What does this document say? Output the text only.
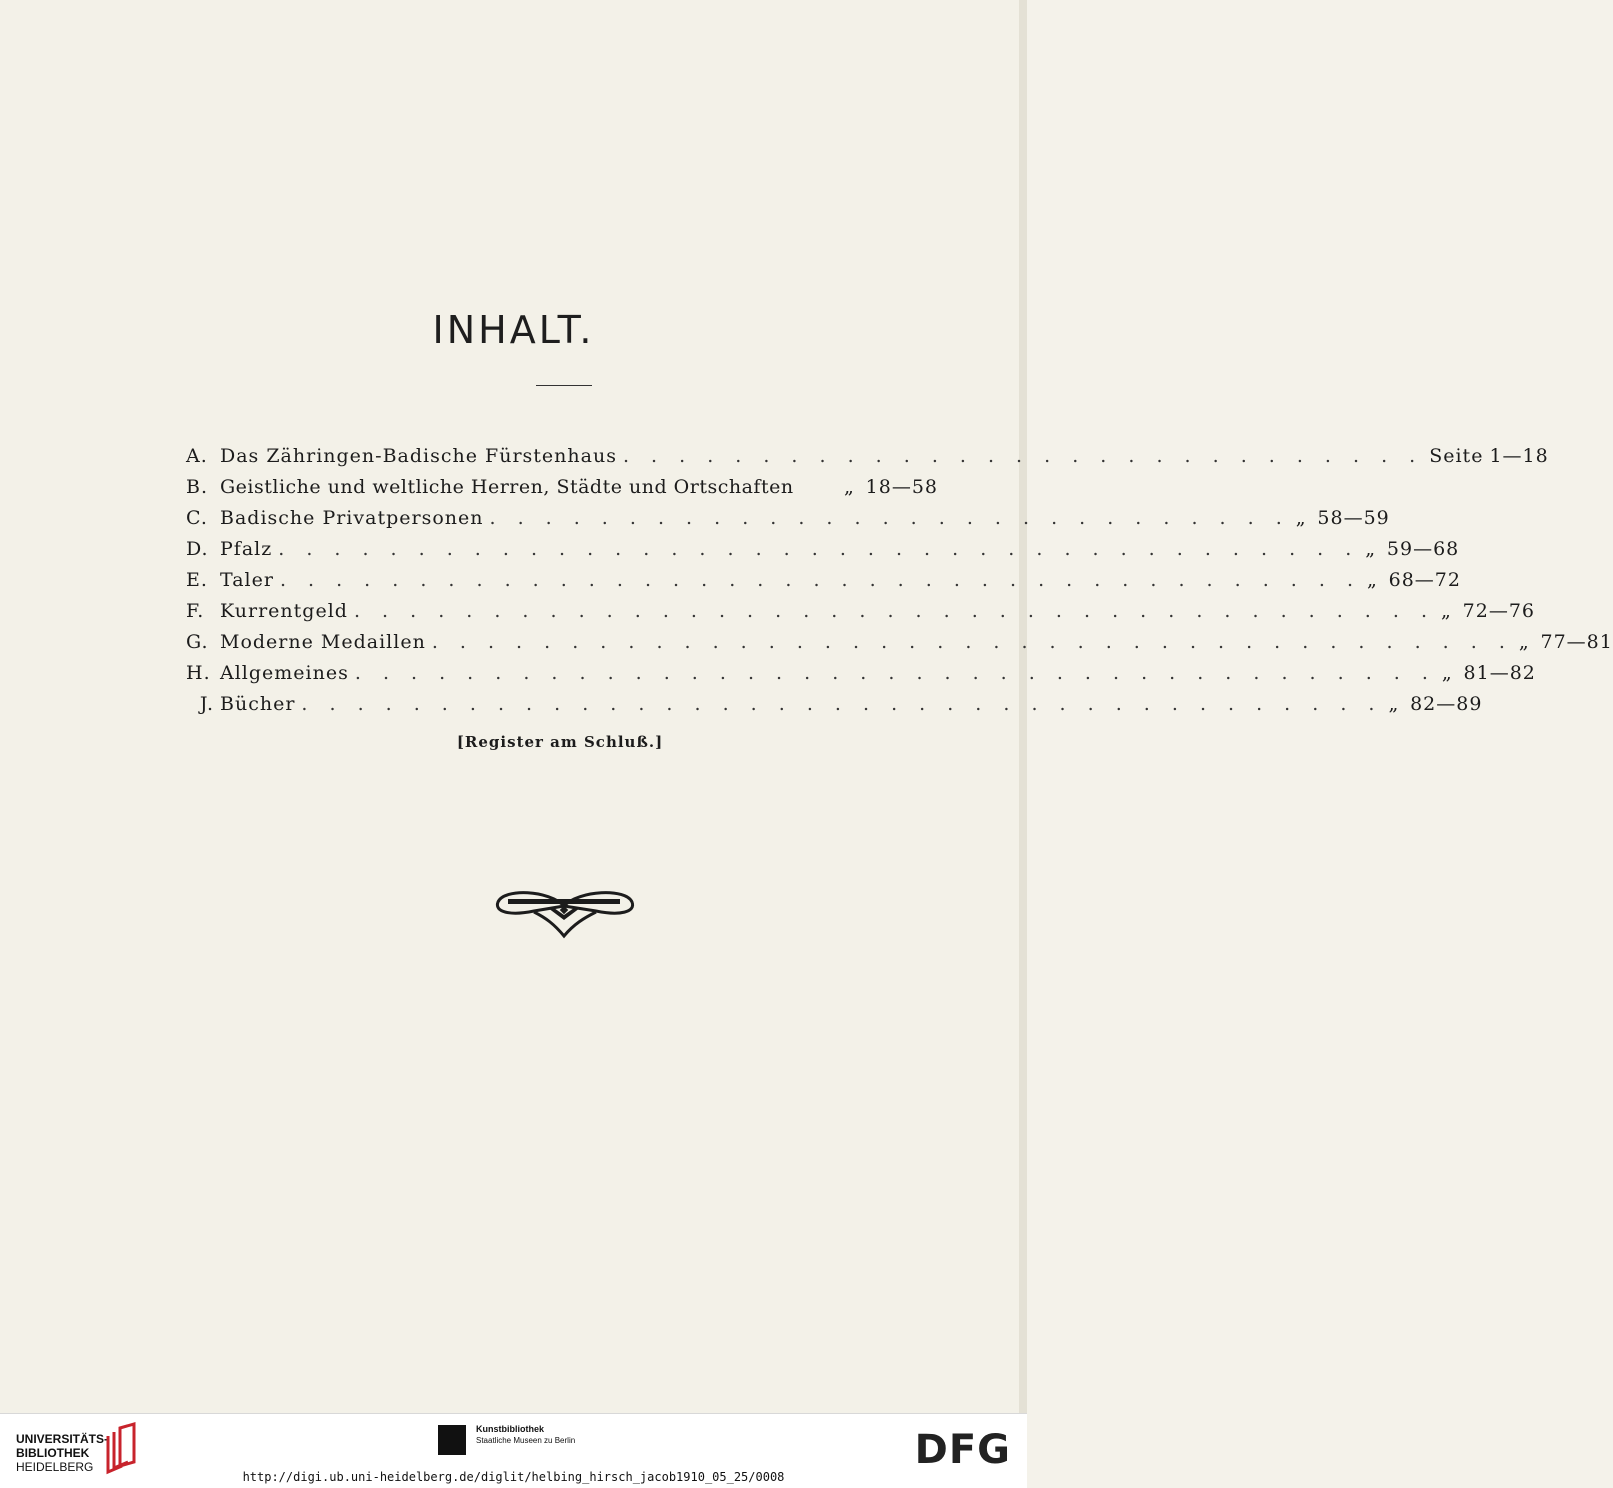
INHALT.
A. Das Zähringen-Badische Fürstenhaus . . . . . . . . . . . . . . . . . . . . . . . . . . . . . Seite 1—18
B. Geistliche und weltliche Herren, Städte und Ortschaften	„ 18—58
C. Badische Privatpersonen . . . . . . . . . . . . . . . . . . . . . . . . . . . . . „ 58—59
D. Pfalz . . . . . . . . . . . . . . . . . . . . . . . . . . . . . . . . . . . . . . . „ 59—68
E. Taler . . . . . . . . . . . . . . . . . . . . . . . . . . . . . . . . . . . . . . . „ 68—72
F. Kurrentgeld . . . . . . . . . . . . . . . . . . . . . . . . . . . . . . . . . . . . . . . „ 72—76
G. Moderne Medaillen . . . . . . . . . . . . . . . . . . . . . . . . . . . . . . . . . . . . . . . „ 77—81
H. Allgemeines . . . . . . . . . . . . . . . . . . . . . . . . . . . . . . . . . . . . . . . „ 81—82
J. Bücher . . . . . . . . . . . . . . . . . . . . . . . . . . . . . . . . . . . . . . . „ 82—89
[Register am Schluß.]
UNIVERSITÄTS-
BIBLIOTHEK
HEIDELBERG
Kunstbibliothek
Staatliche Museen zu Berlin	DFG
http://digi.ub.uni-heidelberg.de/diglit/helbing_hirsch_jacob1910_05_25/0008
